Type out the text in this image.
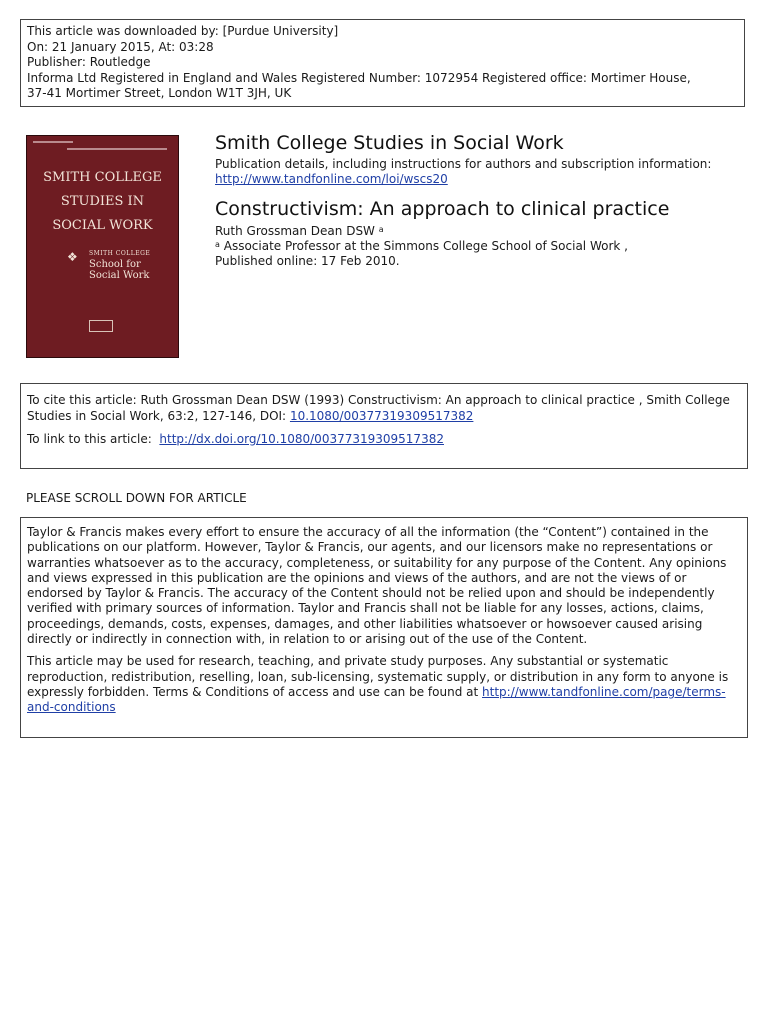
This article was downloaded by: [Purdue University]
On: 21 January 2015, At: 03:28
Publisher: Routledge
Informa Ltd Registered in England and Wales Registered Number: 1072954 Registered office: Mortimer House,
37-41 Mortimer Street, London W1T 3JH, UK
SMITH COLLEGE
STUDIES IN
SOCIAL WORK
❖ SMITH COLLEGE
School for
Social Work
Smith College Studies in Social Work
Publication details, including instructions for authors and subscription information:
http://www.tandfonline.com/loi/wscs20
Constructivism: An approach to clinical practice
Ruth Grossman Dean DSW $^a$
$^a$ Associate Professor at the Simmons College School of Social Work ,
Published online: 17 Feb 2010.
To cite this article: Ruth Grossman Dean DSW (1993) Constructivism: An approach to clinical practice , Smith College Studies in Social Work, 63:2, 127-146, DOI: 10.1080/00377319309517382
To link to this article: http://dx.doi.org/10.1080/00377319309517382
PLEASE SCROLL DOWN FOR ARTICLE

Taylor & Francis makes every effort to ensure the accuracy of all the information (the “Content”) contained in the publications on our platform. However, Taylor & Francis, our agents, and our licensors make no representations or warranties whatsoever as to the accuracy, completeness, or suitability for any purpose of the Content. Any opinions and views expressed in this publication are the opinions and views of the authors, and are not the views of or endorsed by Taylor & Francis. The accuracy of the Content should not be relied upon and should be independently verified with primary sources of information. Taylor and Francis shall not be liable for any losses, actions, claims, proceedings, demands, costs, expenses, damages, and other liabilities whatsoever or howsoever caused arising directly or indirectly in connection with, in relation to or arising out of the use of the Content.

This article may be used for research, teaching, and private study purposes. Any substantial or systematic reproduction, redistribution, reselling, loan, sub-licensing, systematic supply, or distribution in any form to anyone is expressly forbidden. Terms & Conditions of access and use can be found at http://www.tandfonline.com/page/terms-and-conditions
